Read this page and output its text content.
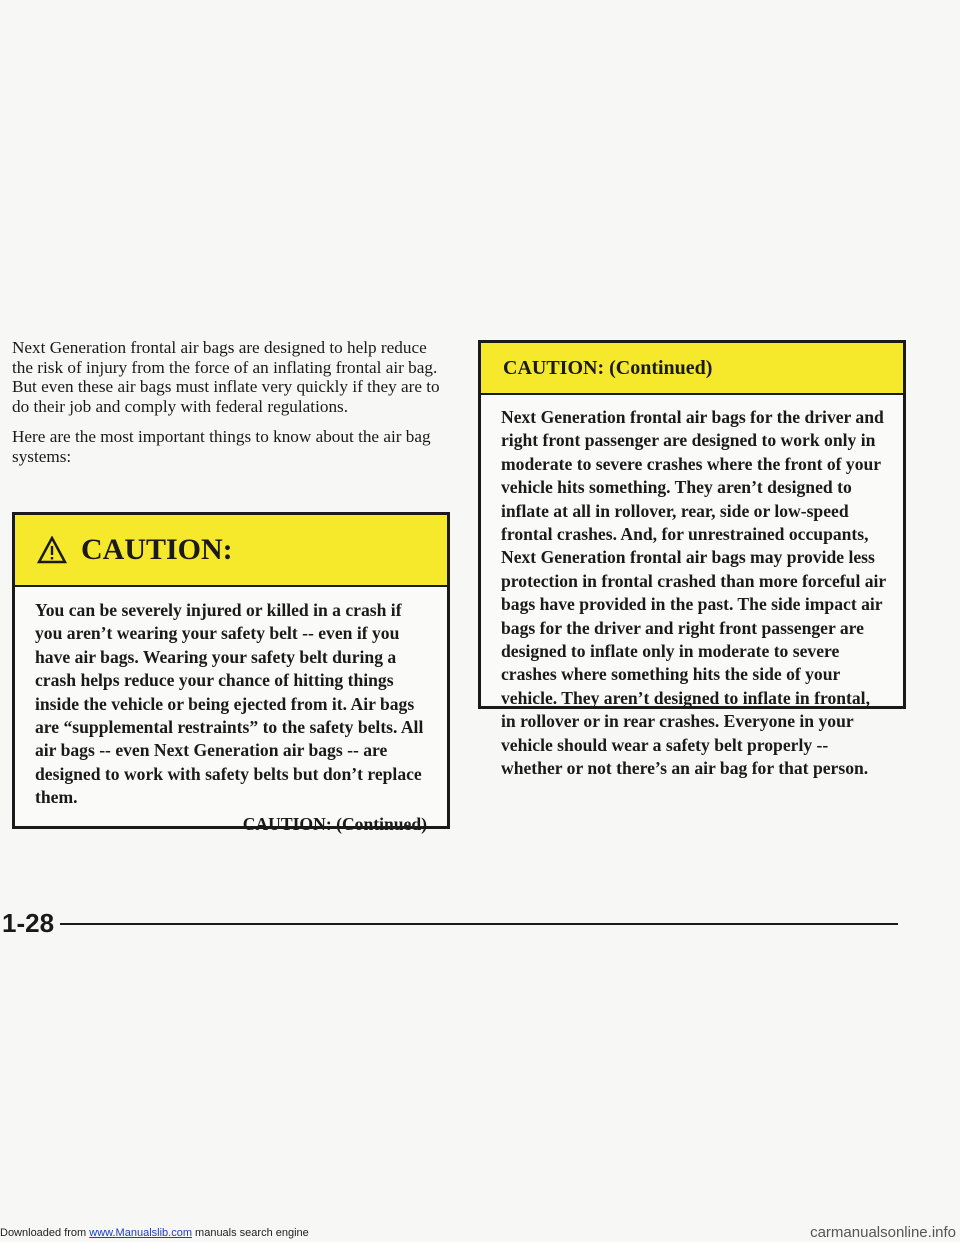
Next Generation frontal air bags are designed to help reduce the risk of injury from the force of an inflating frontal air bag. But even these air bags must inflate very quickly if they are to do their job and comply with federal regulations.

Here are the most important things to know about the air bag systems:

CAUTION:
You can be severely injured or killed in a crash if you aren’t wearing your safety belt -- even if you have air bags. Wearing your safety belt during a crash helps reduce your chance of hitting things inside the vehicle or being ejected from it. Air bags are “supplemental restraints” to the safety belts. All air bags -- even Next Generation air bags -- are designed to work with safety belts but don’t replace them.
CAUTION: (Continued)
CAUTION: (Continued)
Next Generation frontal air bags for the driver and right front passenger are designed to work only in moderate to severe crashes where the front of your vehicle hits something. They aren’t designed to inflate at all in rollover, rear, side or low-speed frontal crashes. And, for unrestrained occupants, Next Generation frontal air bags may provide less protection in frontal crashed than more forceful air bags have provided in the past. The side impact air bags for the driver and right front passenger are designed to inflate only in moderate to severe crashes where something hits the side of your vehicle. They aren’t designed to inflate in frontal, in rollover or in rear crashes. Everyone in your vehicle should wear a safety belt properly -- whether or not there’s an air bag for that person.
1-28
Downloaded from www.Manualslib.com manuals search engine	carmanualsonline.info
